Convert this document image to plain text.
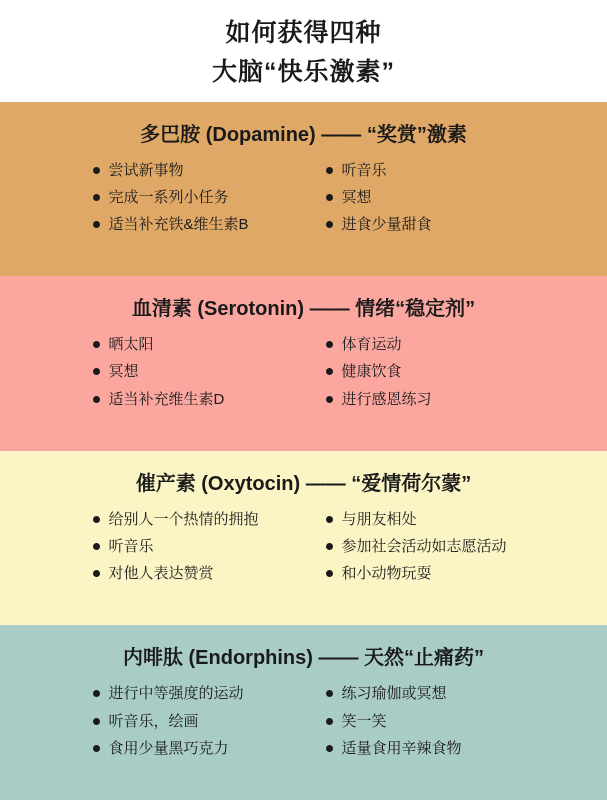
如何获得四种
大脑“快乐激素”
多巴胺 (Dopamine) —— “奖赏”激素
尝试新事物
完成一系列小任务
适当补充铁&维生素B
听音乐
冥想
进食少量甜食
血清素 (Serotonin) —— 情绪“稳定剂”
晒太阳
冥想
适当补充维生素D
体育运动
健康饮食
进行感恩练习
催产素 (Oxytocin) —— “爱情荷尔蒙”
给别人一个热情的拥抱
听音乐
对他人表达赞赏
与朋友相处
参加社会活动如志愿活动
和小动物玩耍
内啡肽 (Endorphins) —— 天然“止痛药”
进行中等强度的运动
听音乐，绘画
食用少量黑巧克力
练习瑜伽或冥想
笑一笑
适量食用辛辣食物
